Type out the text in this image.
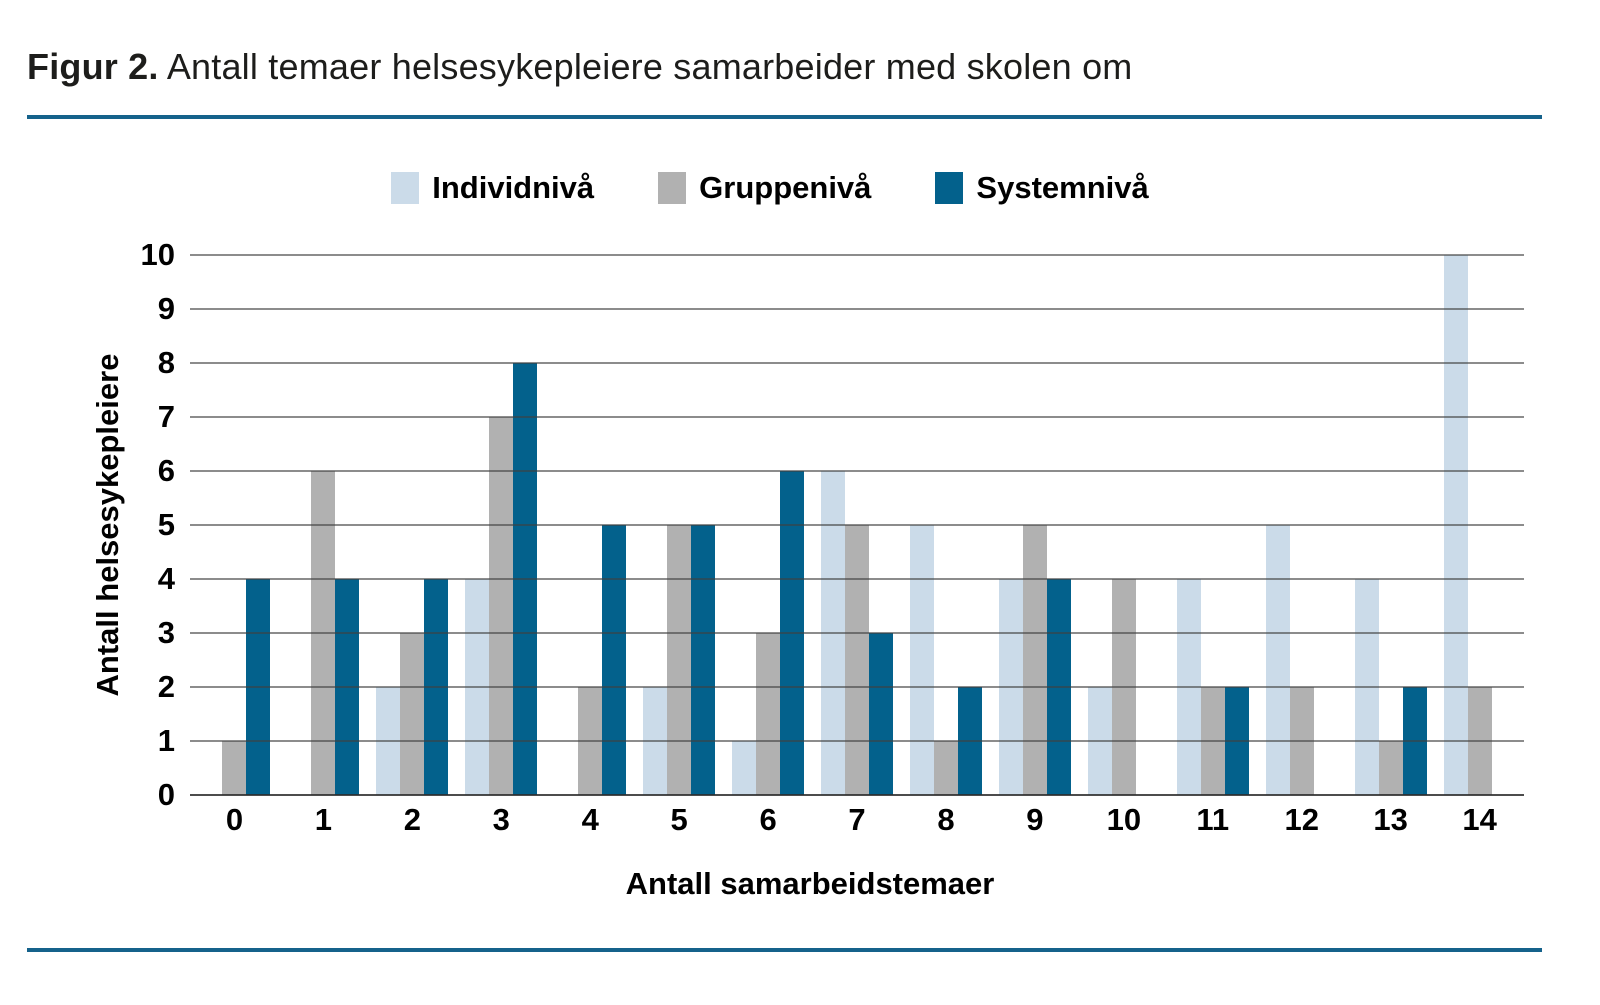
Figur 2. Antall temaer helsesykepleiere samarbeider med skolen om
Individnivå	Gruppenivå	Systemnivå
Antall helsesykepleiere
0
1
2
3
4
5
6
7
8
9
10
0	1	2	3	4	5	6	7	8	9	10	11	12	13	14
Antall samarbeidstemaer
